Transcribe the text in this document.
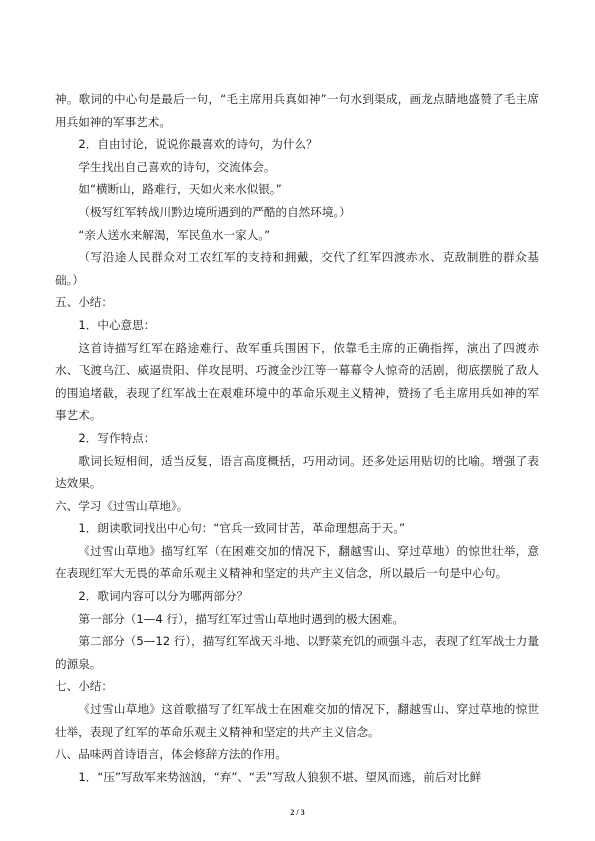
神。歌词的中心句是最后一句，“毛主席用兵真如神”一句水到渠成，画龙点睛地盛赞了毛主席用兵如神的军事艺术。

2．自由讨论，说说你最喜欢的诗句，为什么？

学生找出自己喜欢的诗句，交流体会。

如“横断山，路难行，天如火来水似银。”

（极写红军转战川黔边境所遇到的严酷的自然环境。）

“亲人送水来解渴，军民鱼水一家人。”

（写沿途人民群众对工农红军的支持和拥戴，交代了红军四渡赤水、克敌制胜的群众基础。）

五、小结：

1．中心意思：

这首诗描写红军在路途难行、敌军重兵围困下，依靠毛主席的正确指挥，演出了四渡赤水、飞渡乌江、威逼贵阳、佯攻昆明、巧渡金沙江等一幕幕令人惊奇的活剧，彻底摆脱了敌人的围追堵截，表现了红军战士在艰难环境中的革命乐观主义精神，赞扬了毛主席用兵如神的军事艺术。

2．写作特点：

歌词长短相间，适当反复，语言高度概括，巧用动词。还多处运用贴切的比喻。增强了表达效果。

六、学习《过雪山草地》。

1．朗读歌词找出中心句：“官兵一致同甘苦，革命理想高于天。”

《过雪山草地》描写红军（在困难交加的情况下，翻越雪山、穿过草地）的惊世壮举，意在表现红军大无畏的革命乐观主义精神和坚定的共产主义信念，所以最后一句是中心句。

2．歌词内容可以分为哪两部分？

第一部分（1—4 行），描写红军过雪山草地时遇到的极大困难。

第二部分（5—12 行），描写红军战天斗地、以野菜充饥的顽强斗志，表现了红军战士力量的源泉。

七、小结：

《过雪山草地》这首歌描写了红军战士在困难交加的情况下，翻越雪山、穿过草地的惊世壮举，表现了红军的革命乐观主义精神和坚定的共产主义信念。

八、品味两首诗语言，体会修辞方法的作用。

1．“压”写敌军来势汹汹，“弃”、“丢”写敌人狼狈不堪、望风而逃，前后对比鲜

2 / 3
